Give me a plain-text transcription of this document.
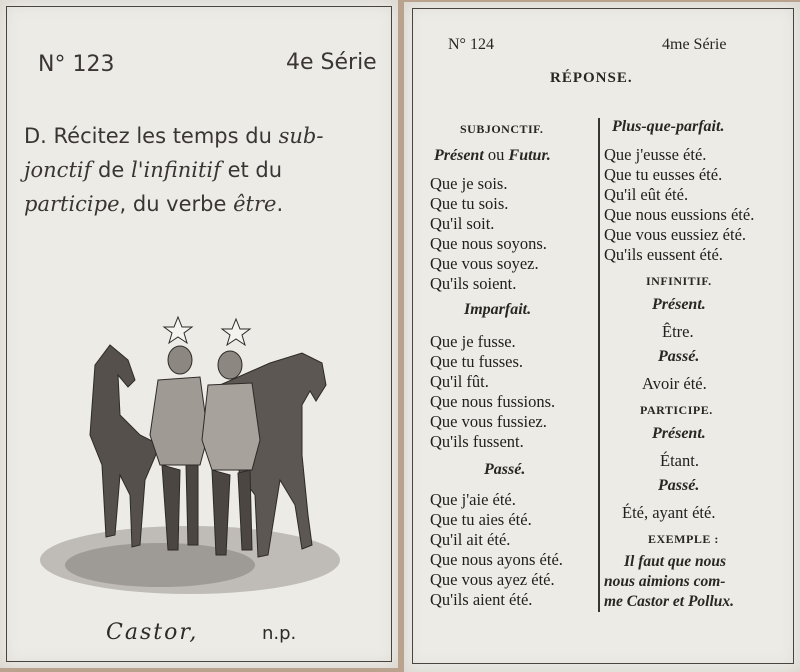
N° 123	4e Série
D. Récitez les temps du sub-
jonctif de l'infinitif et du
participe, du verbe être.
Castor,	n.p.
N° 124	4me Série
RÉPONSE.
SUBJONCTIF.
Présent ou Futur.
Que je sois.
Que tu sois.
Qu'il soit.
Que nous soyons.
Que vous soyez.
Qu'ils soient.
Imparfait.
Que je fusse.
Que tu fusses.
Qu'il fût.
Que nous fussions.
Que vous fussiez.
Qu'ils fussent.
Passé.
Que j'aie été.
Que tu aies été.
Qu'il ait été.
Que nous ayons été.
Que vous ayez été.
Qu'ils aient été.
Plus-que-parfait.
Que j'eusse été.
Que tu eusses été.
Qu'il eût été.
Que nous eussions été.
Que vous eussiez été.
Qu'ils eussent été.
INFINITIF.
Présent.
Être.
Passé.
Avoir été.
PARTICIPE.
Présent.
Étant.
Passé.
Été, ayant été.
EXEMPLE :
Il faut que nous
nous aimions com-
me Castor et Pollux.
